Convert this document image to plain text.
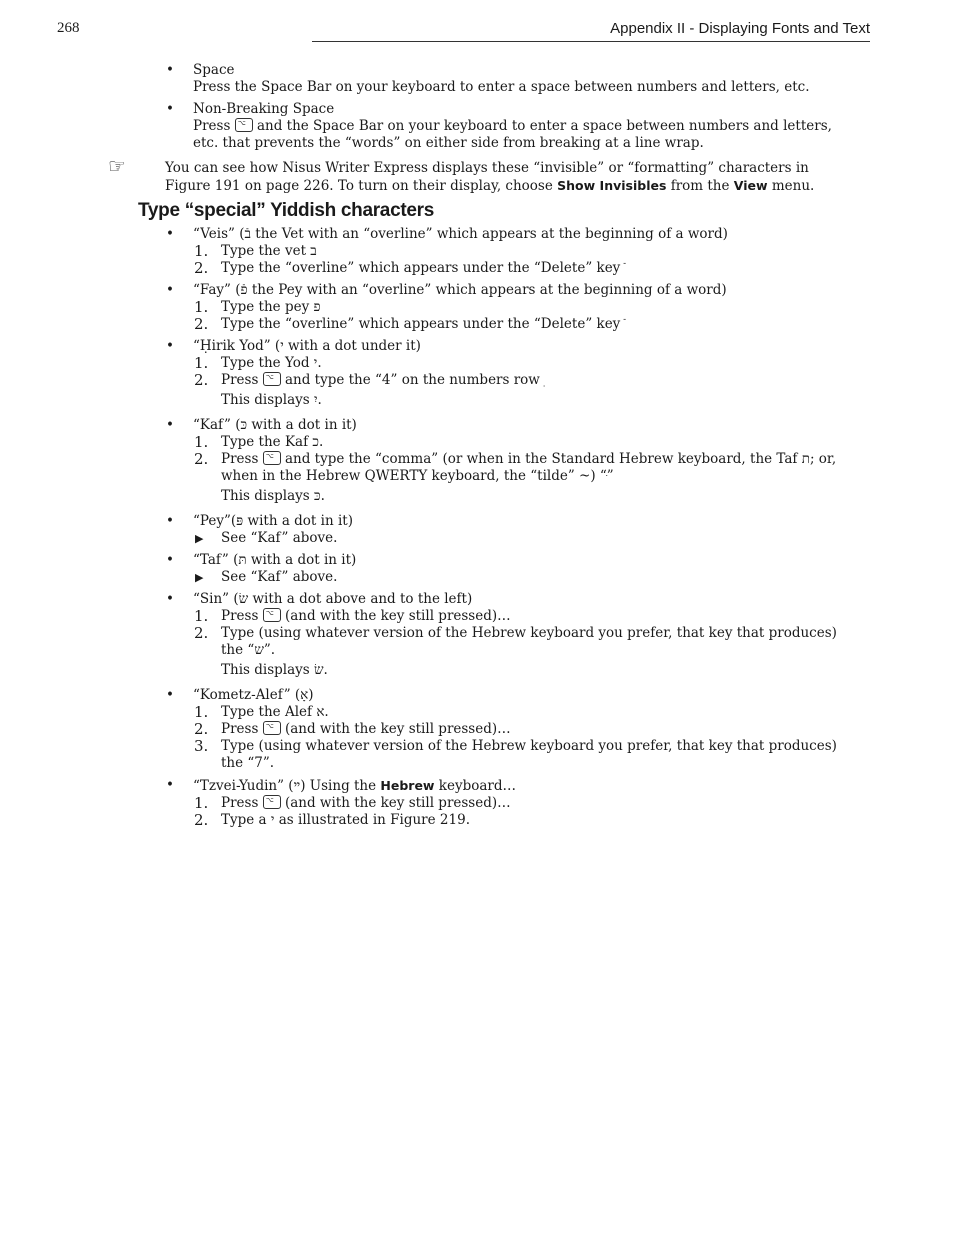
268	Appendix II - Displaying Fonts and Text
• Space
Press the Space Bar on your keyboard to enter a space between numbers and letters, etc.
• Non-Breaking Space
Press ⌥ and the Space Bar on your keyboard to enter a space between numbers and letters, etc. that prevents the “words” on either side from breaking at a line wrap.
☞	You can see how Nisus Writer Express displays these “invisible” or “formatting” characters in Figure 191 on page 226. To turn on their display, choose Show Invisibles from the View menu.
Type “special” Yiddish characters
• “Veis” (בֿ the Vet with an “overline” which appears at the beginning of a word)
1. Type the vet ב
2. Type the “overline” which appears under the “Delete” key ֿ
• “Fay” (פֿ the Pey with an “overline” which appears at the beginning of a word)
1. Type the pey פ
2. Type the “overline” which appears under the “Delete” key ֿ
• “Ḥirik Yod” (י with a dot under it)
1. Type the Yod י.
2. Press ⌥ and type the “4” on the numbers row ִ
This displays יִ.
• “Kaf” (כּ with a dot in it)
1. Type the Kaf כ.
2. Press ⌥ and type the “comma” (or when in the Standard Hebrew keyboard, the Taf ת; or, when in the Hebrew QWERTY keyboard, the “tilde” ~) “ּ”
This displays כּ.
• “Pey”(פּ with a dot in it)
▶ See “Kaf” above.
• “Taf” (תּ with a dot in it)
▶ See “Kaf” above.
• “Sin” (שׂ with a dot above and to the left)
1. Press ⌥ (and with the key still pressed)…
2. Type (using whatever version of the Hebrew keyboard you prefer, that key that produces) the “ש”.
This displays שׂ.
• “Kometz-Alef” (אָ)
1. Type the Alef א.
2. Press ⌥ (and with the key still pressed)…
3. Type (using whatever version of the Hebrew keyboard you prefer, that key that produces) the “7”.
• “Tzvei-Yudin” (ײ) Using the Hebrew keyboard…
1. Press ⌥ (and with the key still pressed)…
2. Type a י as illustrated in Figure 219.
